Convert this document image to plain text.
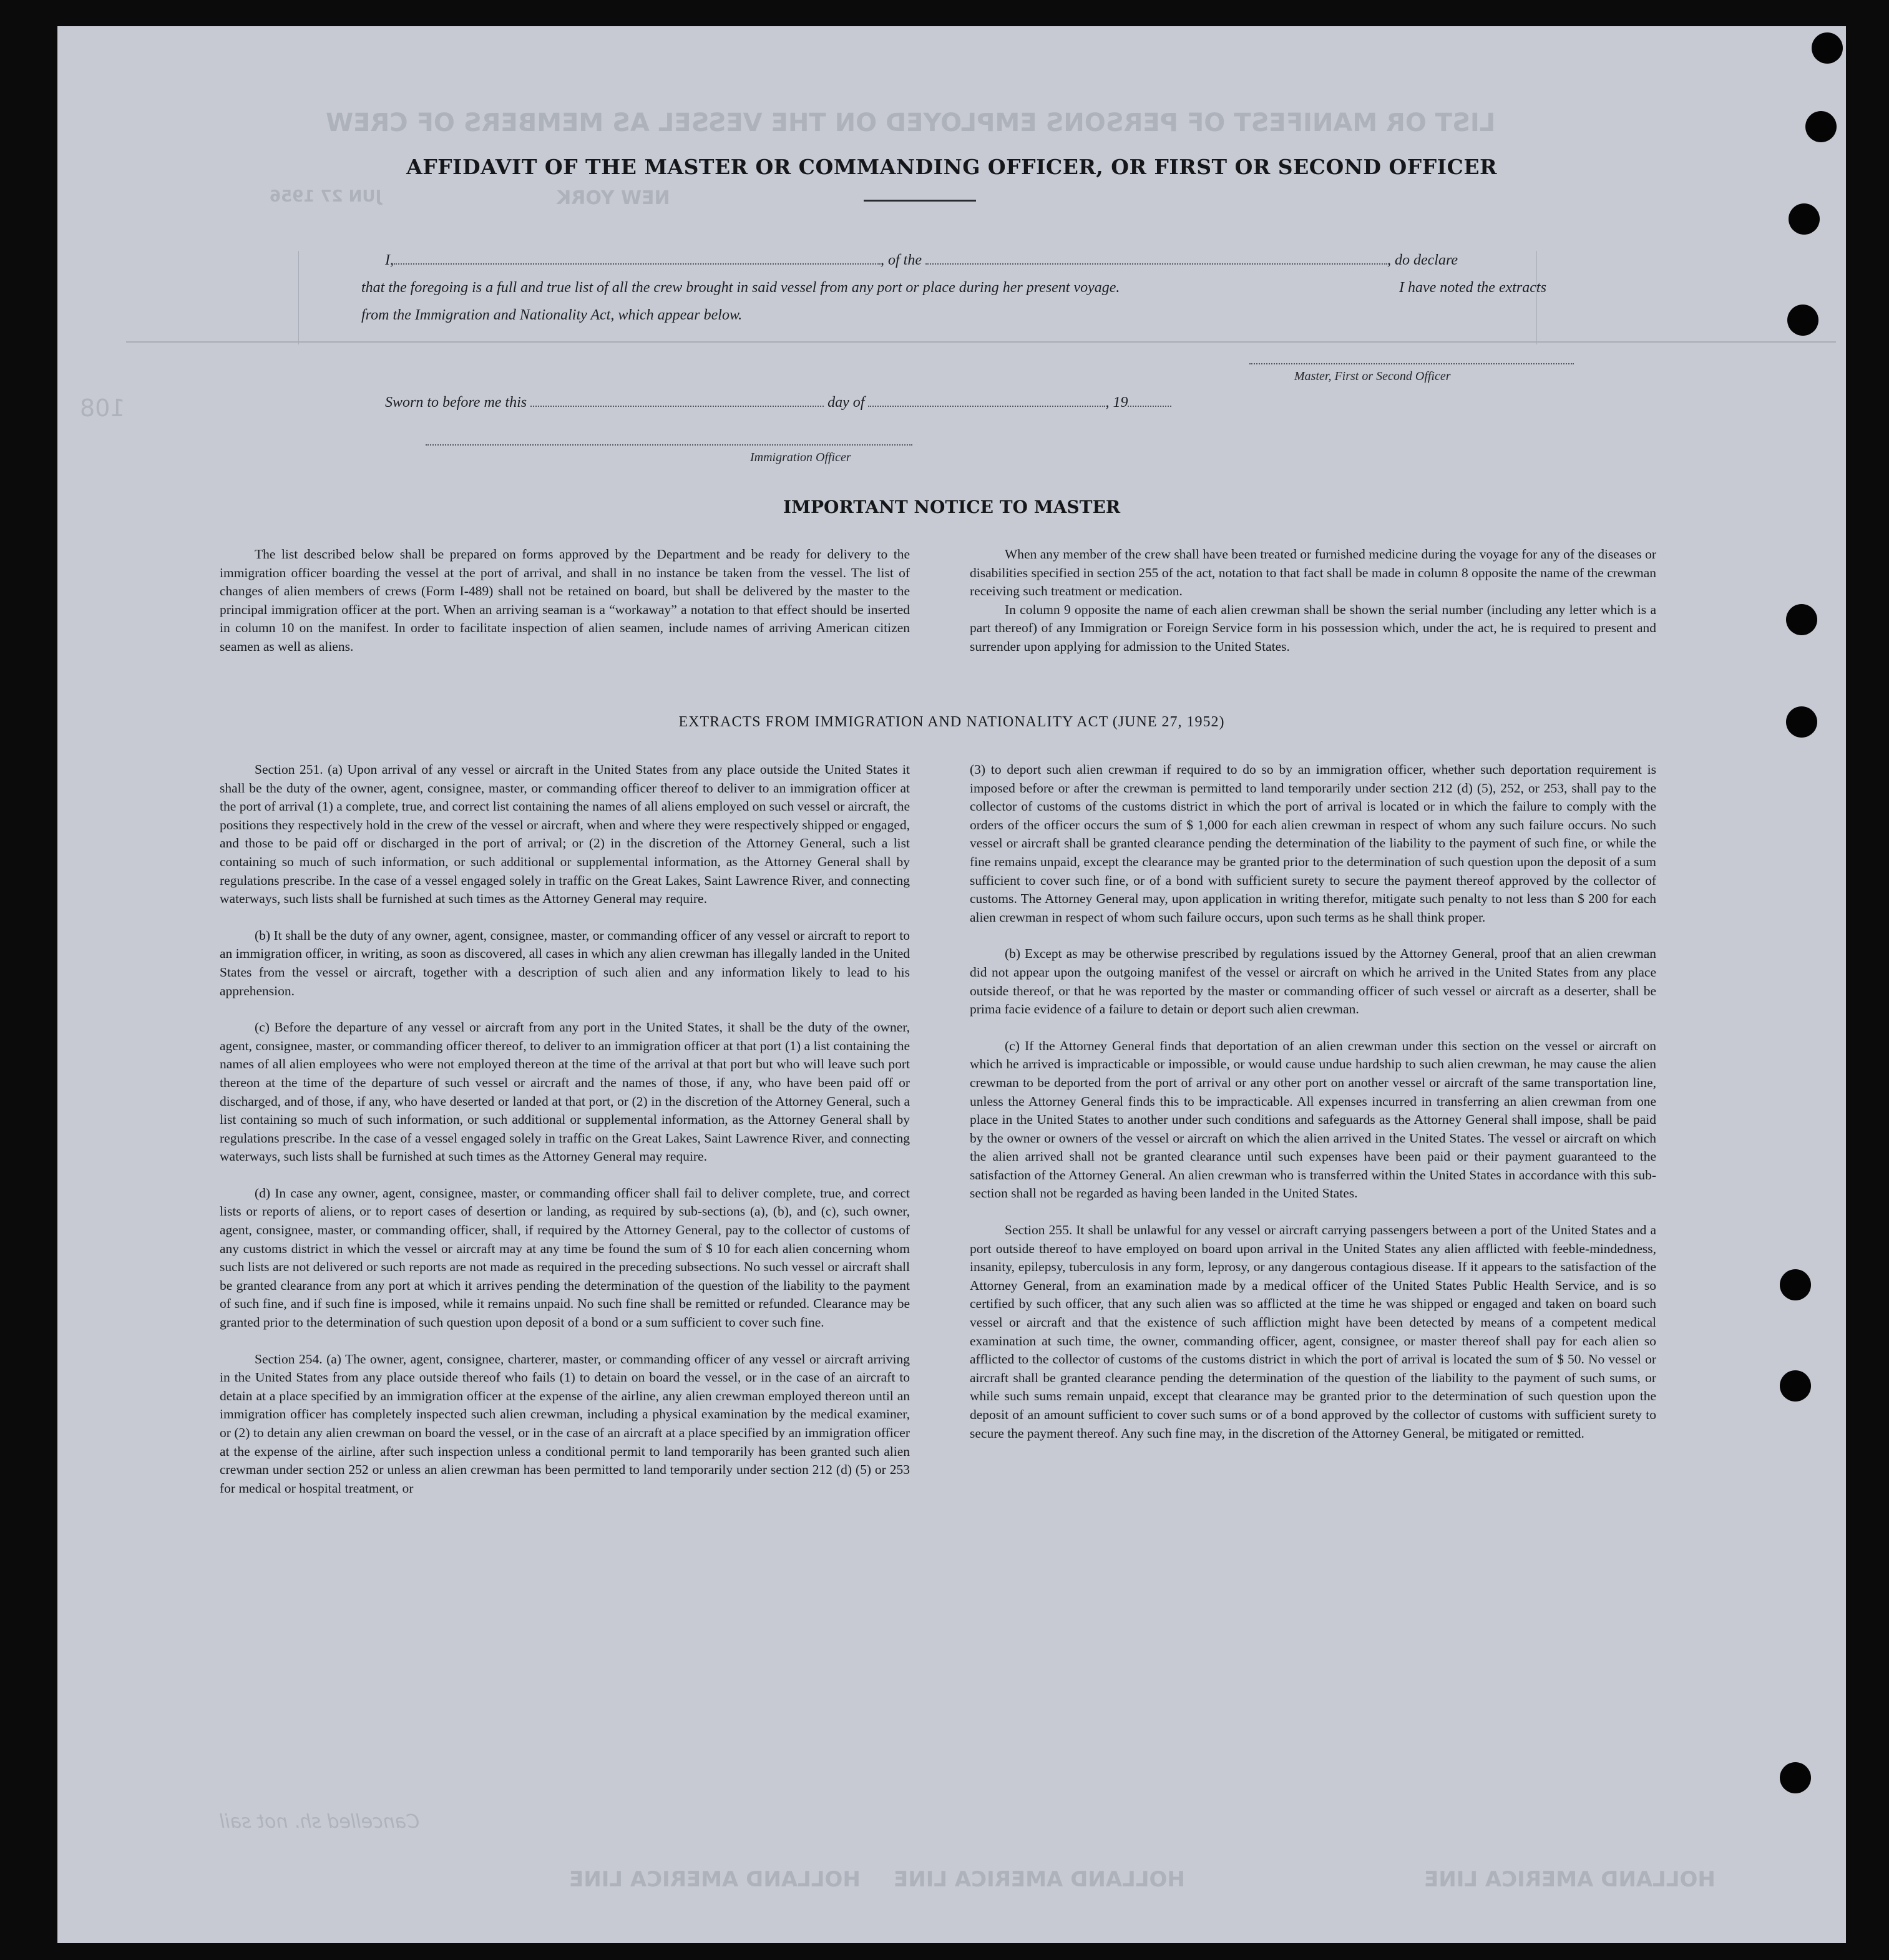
LIST OR MANIFEST OF PERSONS EMPLOYED ON THE VESSEL AS MEMBERS OF CREW
NEW YORK
JUN 27 1956
108
Cancelled sh. not sail
HOLLAND AMERICA LINE
HOLLAND AMERICA LINE
HOLLAND AMERICA LINE
AFFIDAVIT OF THE MASTER OR COMMANDING OFFICER, OR FIRST OR SECOND OFFICER
I,	, of the	, do declare
that the foregoing is a full and true list of all the crew brought in said vessel from any port or place during her present voyage.	I have noted the extracts
from the Immigration and Nationality Act, which appear below.
Master, First or Second Officer
Sworn to before me this	day of	, 19
Immigration Officer
IMPORTANT NOTICE TO MASTER

The list described below shall be prepared on forms approved by the Department and be ready for delivery to the immigration officer boarding the vessel at the port of arrival, and shall in no instance be taken from the vessel. The list of changes of alien members of crews (Form I-489) shall not be retained on board, but shall be delivered by the master to the principal immigration officer at the port. When an arriving seaman is a “workaway” a notation to that effect should be inserted in column 10 on the manifest. In order to facilitate inspection of alien seamen, include names of arriving American citizen seamen as well as aliens.

When any member of the crew shall have been treated or furnished medicine during the voyage for any of the diseases or disabilities specified in section 255 of the act, notation to that fact shall be made in column 8 opposite the name of the crewman receiving such treatment or medication.

In column 9 opposite the name of each alien crewman shall be shown the serial number (including any letter which is a part thereof) of any Immigration or Foreign Service form in his possession which, under the act, he is required to present and surrender upon applying for admission to the United States.

EXTRACTS FROM IMMIGRATION AND NATIONALITY ACT (JUNE 27, 1952)

Section 251. (a) Upon arrival of any vessel or aircraft in the United States from any place outside the United States it shall be the duty of the owner, agent, consignee, master, or commanding officer thereof to deliver to an immigration officer at the port of arrival (1) a complete, true, and correct list containing the names of all aliens employed on such vessel or aircraft, the positions they respectively hold in the crew of the vessel or aircraft, when and where they were respectively shipped or engaged, and those to be paid off or discharged in the port of arrival; or (2) in the discretion of the Attorney General, such a list containing so much of such information, or such additional or supplemental information, as the Attorney General shall by regulations prescribe. In the case of a vessel engaged solely in traffic on the Great Lakes, Saint Lawrence River, and connecting waterways, such lists shall be furnished at such times as the Attorney General may require.

(b) It shall be the duty of any owner, agent, consignee, master, or commanding officer of any vessel or aircraft to report to an immigration officer, in writing, as soon as discovered, all cases in which any alien crewman has illegally landed in the United States from the vessel or aircraft, together with a description of such alien and any information likely to lead to his apprehension.

(c) Before the departure of any vessel or aircraft from any port in the United States, it shall be the duty of the owner, agent, consignee, master, or commanding officer thereof, to deliver to an immigration officer at that port (1) a list containing the names of all alien employees who were not employed thereon at the time of the arrival at that port but who will leave such port thereon at the time of the departure of such vessel or aircraft and the names of those, if any, who have been paid off or discharged, and of those, if any, who have deserted or landed at that port, or (2) in the discretion of the Attorney General, such a list containing so much of such information, or such additional or supplemental information, as the Attorney General shall by regulations prescribe. In the case of a vessel engaged solely in traffic on the Great Lakes, Saint Lawrence River, and connecting waterways, such lists shall be furnished at such times as the Attorney General may require.

(d) In case any owner, agent, consignee, master, or commanding officer shall fail to deliver complete, true, and correct lists or reports of aliens, or to report cases of desertion or landing, as required by sub-sections (a), (b), and (c), such owner, agent, consignee, master, or commanding officer, shall, if required by the Attorney General, pay to the collector of customs of any customs district in which the vessel or aircraft may at any time be found the sum of $ 10 for each alien concerning whom such lists are not delivered or such reports are not made as required in the preceding subsections. No such vessel or aircraft shall be granted clearance from any port at which it arrives pending the determination of the question of the liability to the payment of such fine, and if such fine is imposed, while it remains unpaid. No such fine shall be remitted or refunded. Clearance may be granted prior to the determination of such question upon deposit of a bond or a sum sufficient to cover such fine.

Section 254. (a) The owner, agent, consignee, charterer, master, or commanding officer of any vessel or aircraft arriving in the United States from any place outside thereof who fails (1) to detain on board the vessel, or in the case of an aircraft to detain at a place specified by an immigration officer at the expense of the airline, any alien crewman employed thereon until an immigration officer has completely inspected such alien crewman, including a physical examination by the medical examiner, or (2) to detain any alien crewman on board the vessel, or in the case of an aircraft at a place specified by an immigration officer at the expense of the airline, after such inspection unless a conditional permit to land temporarily has been granted such alien crewman under section 252 or unless an alien crewman has been permitted to land temporarily under section 212 (d) (5) or 253 for medical or hospital treatment, or

(3) to deport such alien crewman if required to do so by an immigration officer, whether such deportation requirement is imposed before or after the crewman is permitted to land temporarily under section 212 (d) (5), 252, or 253, shall pay to the collector of customs of the customs district in which the port of arrival is located or in which the failure to comply with the orders of the officer occurs the sum of $ 1,000 for each alien crewman in respect of whom any such failure occurs. No such vessel or aircraft shall be granted clearance pending the determination of the liability to the payment of such fine, or while the fine remains unpaid, except the clearance may be granted prior to the determination of such question upon the deposit of a sum sufficient to cover such fine, or of a bond with sufficient surety to secure the payment thereof approved by the collector of customs. The Attorney General may, upon application in writing therefor, mitigate such penalty to not less than $ 200 for each alien crewman in respect of whom such failure occurs, upon such terms as he shall think proper.

(b) Except as may be otherwise prescribed by regulations issued by the Attorney General, proof that an alien crewman did not appear upon the outgoing manifest of the vessel or aircraft on which he arrived in the United States from any place outside thereof, or that he was reported by the master or commanding officer of such vessel or aircraft as a deserter, shall be prima facie evidence of a failure to detain or deport such alien crewman.

(c) If the Attorney General finds that deportation of an alien crewman under this section on the vessel or aircraft on which he arrived is impracticable or impossible, or would cause undue hardship to such alien crewman, he may cause the alien crewman to be deported from the port of arrival or any other port on another vessel or aircraft of the same transportation line, unless the Attorney General finds this to be impracticable. All expenses incurred in transferring an alien crewman from one place in the United States to another under such conditions and safeguards as the Attorney General shall impose, shall be paid by the owner or owners of the vessel or aircraft on which the alien arrived in the United States. The vessel or aircraft on which the alien arrived shall not be granted clearance until such expenses have been paid or their payment guaranteed to the satisfaction of the Attorney General. An alien crewman who is transferred within the United States in accordance with this sub-section shall not be regarded as having been landed in the United States.

Section 255. It shall be unlawful for any vessel or aircraft carrying passengers between a port of the United States and a port outside thereof to have employed on board upon arrival in the United States any alien afflicted with feeble-mindedness, insanity, epilepsy, tuberculosis in any form, leprosy, or any dangerous contagious disease. If it appears to the satisfaction of the Attorney General, from an examination made by a medical officer of the United States Public Health Service, and is so certified by such officer, that any such alien was so afflicted at the time he was shipped or engaged and taken on board such vessel or aircraft and that the existence of such affliction might have been detected by means of a competent medical examination at such time, the owner, commanding officer, agent, consignee, or master thereof shall pay for each alien so afflicted to the collector of customs of the customs district in which the port of arrival is located the sum of $ 50. No vessel or aircraft shall be granted clearance pending the determination of the question of the liability to the payment of such sums, or while such sums remain unpaid, except that clearance may be granted prior to the determination of such question upon the deposit of an amount sufficient to cover such sums or of a bond approved by the collector of customs with sufficient surety to secure the payment thereof. Any such fine may, in the discretion of the Attorney General, be mitigated or remitted.
